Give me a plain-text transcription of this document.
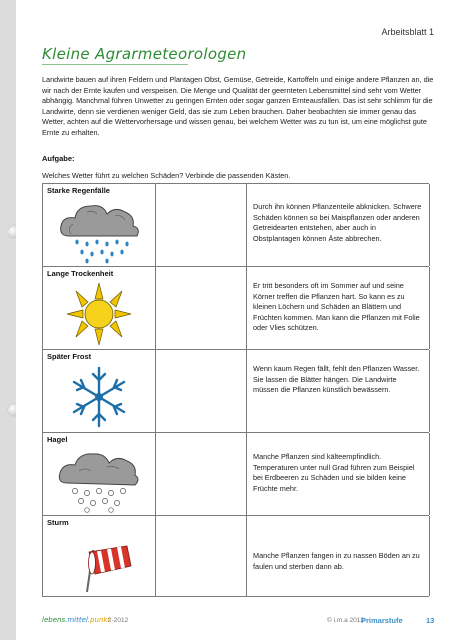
Arbeitsblatt 1
Kleine Agrarmeteorologen
Landwirte bauen auf ihren Feldern und Plantagen Obst, Gemüse, Getreide, Kartoffeln und einige andere Pflanzen an, die wir nach der Ernte kaufen und verspeisen. Die Menge und Qualität der geernteten Lebensmittel sind sehr vom Wetter abhängig. Manchmal führen Unwetter zu geringen Ernten oder sogar ganzen Ernteausfällen. Das ist sehr schlimm für die Landwirte, denn sie verdienen weniger Geld, das sie zum Leben brauchen. Daher beobachten sie immer genau das Wetter, achten auf die Wettervorhersage und wissen genau, bei welchem Wetter was zu tun ist, um eine möglichst gute Ernte zu erhalten.
Aufgabe:
Welches Wetter führt zu welchen Schäden? Verbinde die passenden Kästen.
Starke Regenfälle
Durch ihn können Pflanzenteile abknicken. Schwere Schäden können so bei Maispflanzen oder anderen Getreidearten entstehen, aber auch in Obstplantagen können Äste abbrechen.
Lange Trockenheit
Er tritt besonders oft im Sommer auf und seine Körner treffen die Pflanzen hart. So kann es zu kleinen Löchern und Schäden an Blättern und Früchten kommen. Man kann die Pflanzen mit Folie oder Vlies schützen.
Später Frost
Wenn kaum Regen fällt, fehlt den Pflanzen Wasser. Sie lassen die Blätter hängen. Die Landwirte müssen die Pflanzen künstlich bewässern.
Hagel
Manche Pflanzen sind kälteempfindlich. Temperaturen unter null Grad führen zum Beispiel bei Erdbeeren zu Schäden und sie bilden keine Früchte mehr.
Sturm
Manche Pflanzen fangen in zu nassen Böden an zu faulen und sterben dann ab.
lebens.mittel.punkt
2-2012	© i.m.a 2012
Primarstufe	13
